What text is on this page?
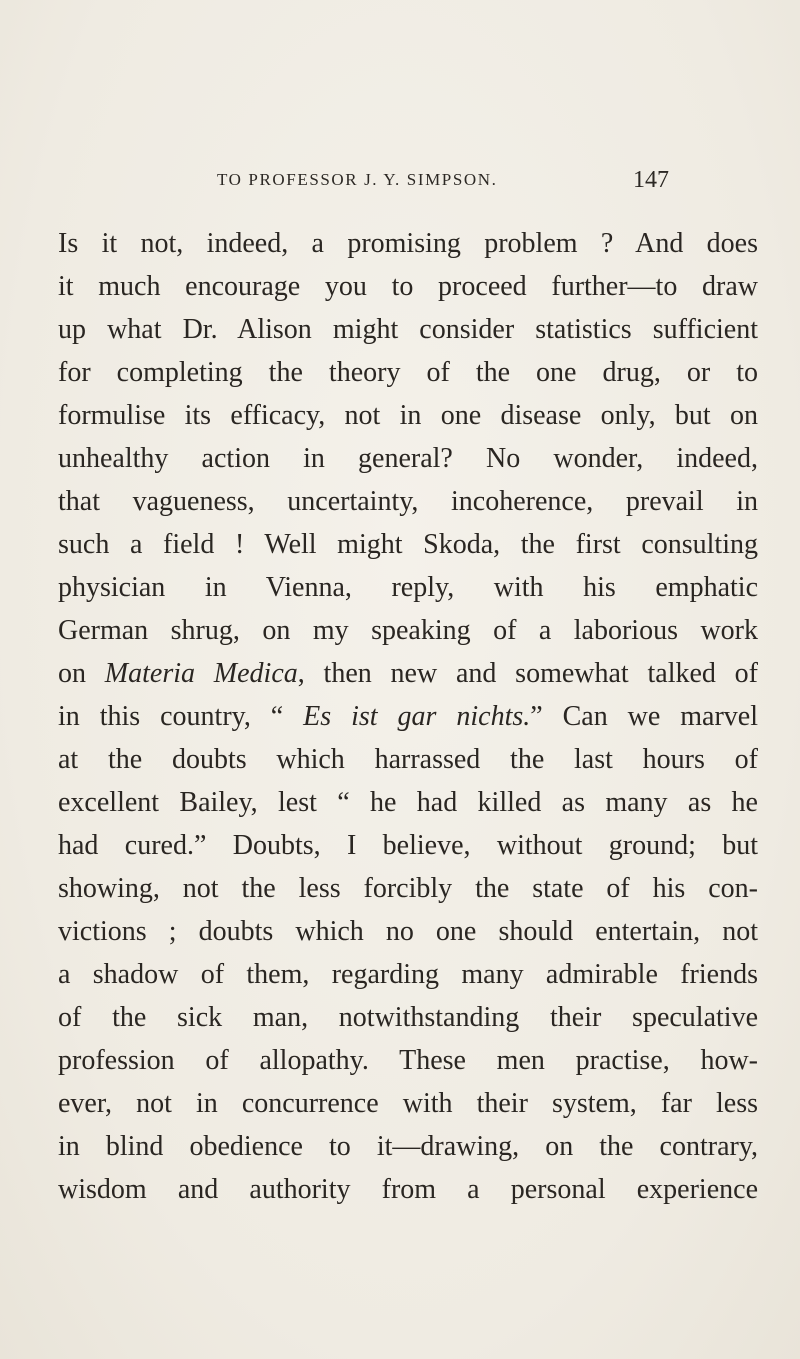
TO PROFESSOR J. Y. SIMPSON.	147
Is it not, indeed, a promising problem ? And does
it much encourage you to proceed further—to draw
up what Dr. Alison might consider statistics sufficient
for completing the theory of the one drug, or to
formulise its efficacy, not in one disease only, but on
unhealthy action in general? No wonder, indeed,
that vagueness, uncertainty, incoherence, prevail in
such a field ! Well might Skoda, the first consulting
physician in Vienna, reply, with his emphatic
German shrug, on my speaking of a laborious work
on Materia Medica, then new and somewhat talked of
in this country, “ Es ist gar nichts.” Can we marvel
at the doubts which harrassed the last hours of
excellent Bailey, lest “ he had killed as many as he
had cured.” Doubts, I believe, without ground; but
showing, not the less forcibly the state of his con-
victions ; doubts which no one should entertain, not
a shadow of them, regarding many admirable friends
of the sick man, notwithstanding their speculative
profession of allopathy. These men practise, how-
ever, not in concurrence with their system, far less
in blind obedience to it—drawing, on the contrary,
wisdom and authority from a personal experience
